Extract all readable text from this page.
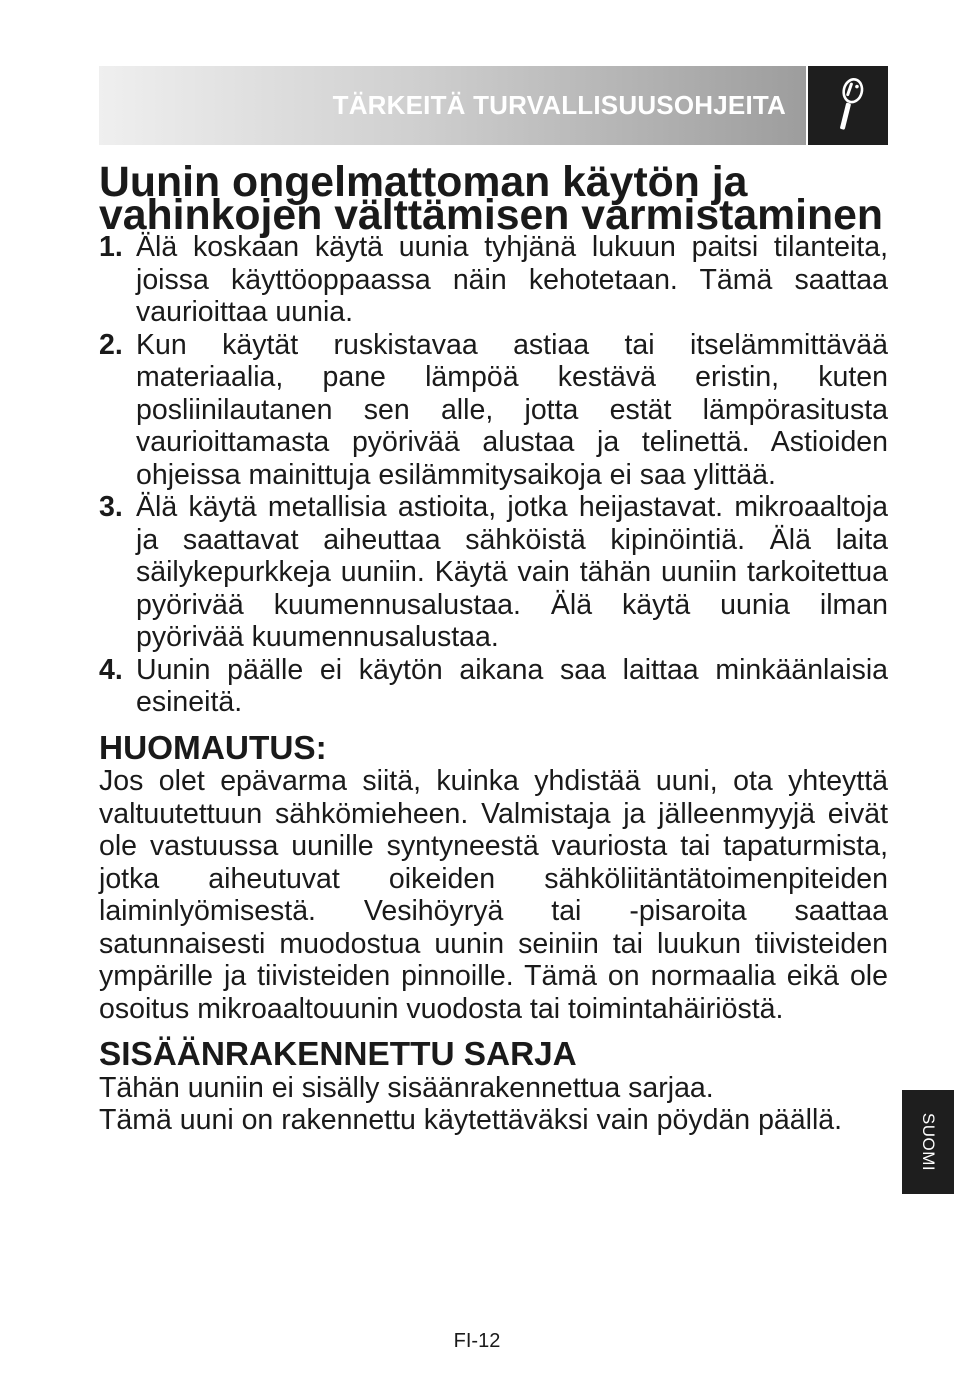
TÄRKEITÄ TURVALLISUUSOHJEITA
Uunin ongelmattoman käytön ja vahinkojen välttämisen varmistaminen
1. Älä koskaan käytä uunia tyhjänä lukuun paitsi tilanteita, joissa käyttöoppaassa näin kehotetaan. Tämä saattaa vaurioittaa uunia.
2. Kun käytät ruskistavaa astiaa tai itselämmittävää materiaalia, pane lämpöä kestävä eristin, kuten posliinilautanen sen alle, jotta estät lämpörasitusta vaurioittamasta pyörivää alustaa ja telinettä. Astioiden ohjeissa mainittuja esilämmitysaikoja ei saa ylittää.
3. Älä käytä metallisia astioita, jotka heijastavat. mikroaaltoja ja saattavat aiheuttaa sähköistä kipinöintiä. Älä laita säilykepurkkeja uuniin. Käytä vain tähän uuniin tarkoitettua pyörivää kuumennusalustaa. Älä käytä uunia ilman pyörivää kuumennusalustaa.
4. Uunin päälle ei käytön aikana saa laittaa minkäänlaisia esineitä.
HUOMAUTUS:

Jos olet epävarma siitä, kuinka yhdistää uuni, ota yhteyttä valtuutettuun sähkömieheen. Valmistaja ja jälleenmyyjä eivät ole vastuussa uunille syntyneestä vauriosta tai tapaturmista, jotka aiheutuvat oikeiden sähköliitäntätoimenpiteiden laiminlyömisestä. Vesihöyryä tai -pisaroita saattaa satunnaisesti muodostua uunin seiniin tai luukun tiivisteiden ympärille ja tiivisteiden pinnoille. Tämä on normaalia eikä ole osoitus mikroaaltouunin vuodosta tai toimintahäiriöstä.

SISÄÄNRAKENNETTU SARJA

Tähän uuniin ei sisälly sisäänrakennettua sarjaa.

Tämä uuni on rakennettu käytettäväksi vain pöydän päällä.	SUOMI
FI-12
